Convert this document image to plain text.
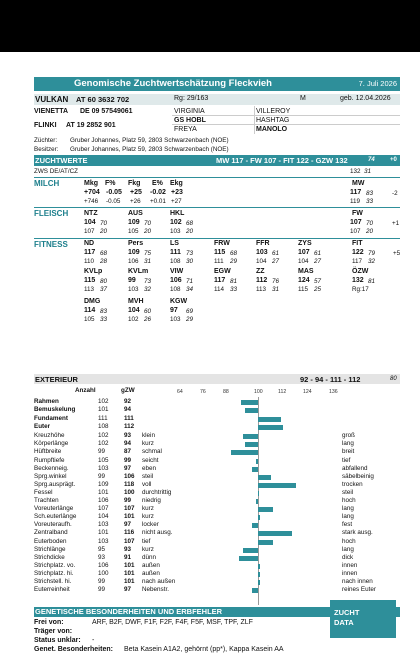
Genomische Zuchtwertschätzung Fleckvieh	7. Juli 2026
VULKAN AT 60 3632 702	Rg: 29/163	M	geb. 12.04.2026
VIENETTA DE 09 57549061	VIRGINIA	VILLEROY
GS HOBL	HASHTAG
FLINKI AT 19 2852 901
FREYA	MANOLO
Züchter: Gruber Johannes, Platz 59, 2803 Schwarzenbach (NOE)
Besitzer: Gruber Johannes, Platz 59, 2803 Schwarzenbach (NOE)
ZUCHTWERTE	MW 117 - FW 107 - FIT 122 - GZW 132	74	+0
ZWS DE/AT/CZ	132 31
MILCH	Mkg F% Fkg E% Ekg	MW
+704 -0.05 +25 -0.02 +23	117 83	-2
+746 -0.05 +26 +0.01 +27	119 33
FLEISCH NTZ	AUS	HKL	FW
104 70	109 70	102 68	107 70	+1
107 20	105 20	103 20	107 20
FITNESS
EXTERIEUR	92 - 94 - 111 - 112	80
Anzahl	gZW
GENETISCHE BESONDERHEITEN UND ERBFEHLER
Frei von:	ARF, B2F, DWF, F1F, F2F, F4F, F5F, MSF, TPF, ZLF
Träger von:
Status unklar: -
Genet. Besonderheiten: Beta Kasein A1A2, gehörnt (pp*), Kappa Kasein AA
ZUCHT
DATA
ND	Pers	LS	FRW	FFR	ZYS	FIT
117 68	109 75	111 73	115 68	103 61	107 61	122 79
110 28	106 31	108 30	111 29	104 27	104 27	117 32
+5
KVLp	KVLm	VIW	EGW	ZZ	MAS	ÖZW
115 80	99 73	106 71	117 81	112 76	124 57	132 81
113 37	103 32	108 34	114 33	113 31	115 25	Rg:17
DMG	MVH	KGW
114 83	104 60	97 69
105 33	102 26	103 29
64	76	88	100	112	124	136
Rahmen	102 92
Bemuskelung	101 94
Fundament	111	111
Euter	108 112
Kreuzhöhe	102 93 klein	groß
Körperlänge	102 94 kurz	lang
Hüftbreite	99	87 schmal	breit
Rumpftiefe	105 99 seicht	tief
Beckenneig.	103 97 eben	abfallend
Sprg.winkel	99	106 steil	säbelbeinig
Sprg.ausprägt.	109 118 voll	trocken
Fessel	101 100 durchtrittig	steil
Trachten	106 99 niedrig	hoch
Voreuterlänge	107 107 kurz	lang
Sch.euterlänge	104 101 kurz	lang
Voreuteraufh.	103 97 locker	fest
Zentralband	101 116 nicht ausg.	stark ausg.
Euterboden	103 107 tief	hoch
Strichlänge	95	93 kurz	lang
Strichdicke	93	91 dünn	dick
Strichplatz. vo.	106 101 außen	innen
Strichplatz. hi.	100 101 außen	innen
Strichstell. hi.	99	101 nach außen	nach innen
Euterreinheit	99	97 Nebenstr.	reines Euter
